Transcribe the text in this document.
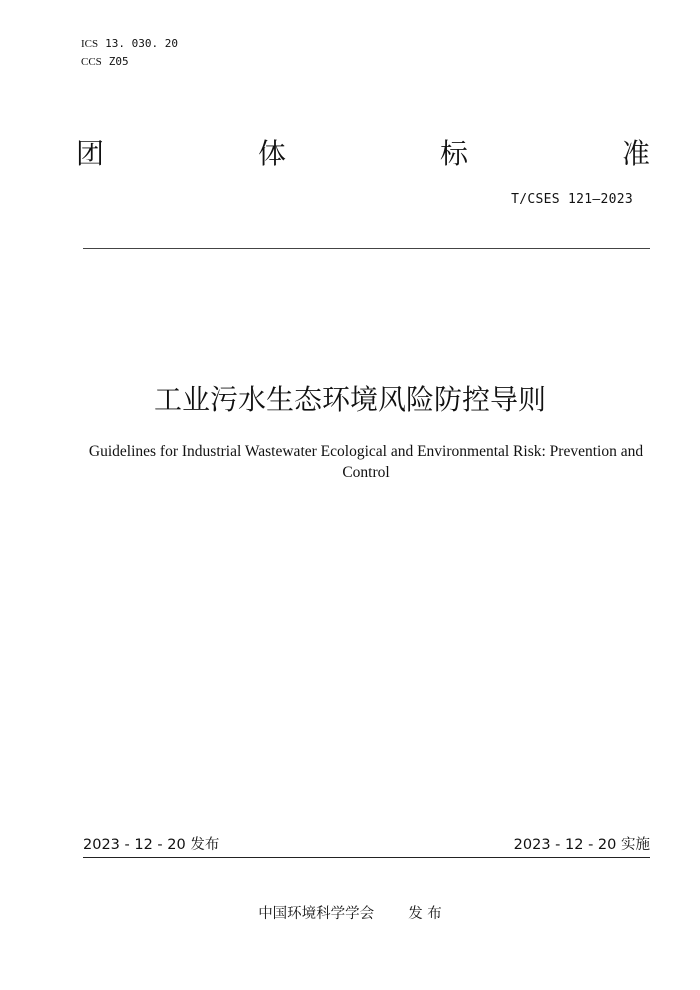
ICS 13. 030. 20
CCS Z05
团	体	标	准
T/CSES 121—2023
工业污水生态环境风险防控导则
Guidelines for Industrial Wastewater Ecological and Environmental Risk: Prevention and Control
2023 - 12 - 20 发布	2023 - 12 - 20 实施
中国环境科学学会 发 布
